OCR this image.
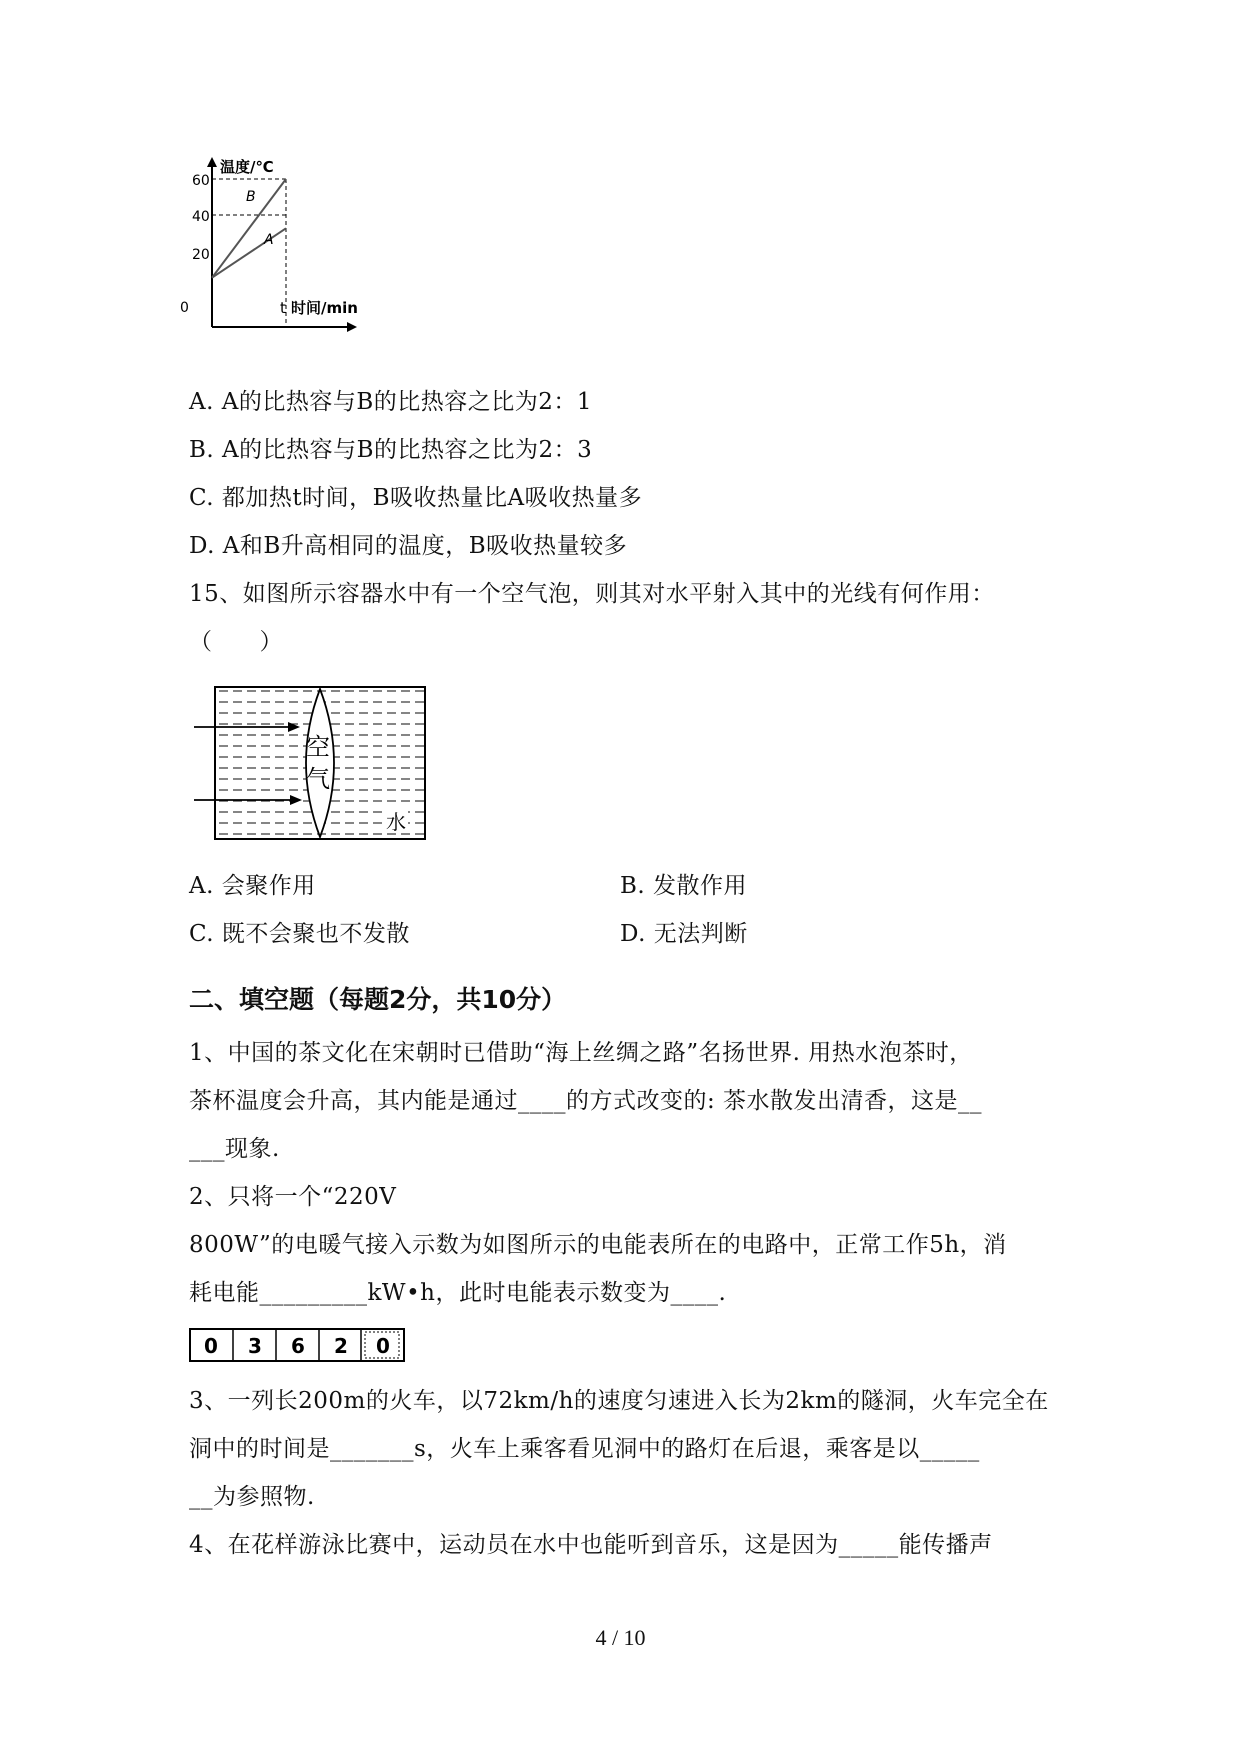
60
40
20
0
温度/℃
t 时间/min
B
A
A. A的比热容与B的比热容之比为2：1
B. A的比热容与B的比热容之比为2：3
C. 都加热t时间，B吸收热量比A吸收热量多
D. A和B升高相同的温度，B吸收热量较多
15、如图所示容器水中有一个空气泡，则其对水平射入其中的光线有何作用：
（　　）
空
气
水
A. 会聚作用	B. 发散作用
C. 既不会聚也不发散	D. 无法判断
二、填空题（每题2分，共10分）
1、中国的茶文化在宋朝时已借助“海上丝绸之路”名扬世界. 用热水泡茶时，
茶杯温度会升高，其内能是通过____的方式改变的: 茶水散发出清香，这是__
___现象.
2、只将一个“220V
800W”的电暖气接入示数为如图所示的电能表所在的电路中，正常工作5h，消
耗电能_________kW•h，此时电能表示数变为____.
0 3 6 2 0
3、一列长200m的火车，以72km/h的速度匀速进入长为2km的隧洞，火车完全在
洞中的时间是_______s，火车上乘客看见洞中的路灯在后退，乘客是以_____
__为参照物.
4、在花样游泳比赛中，运动员在水中也能听到音乐，这是因为_____能传播声
4 / 10
